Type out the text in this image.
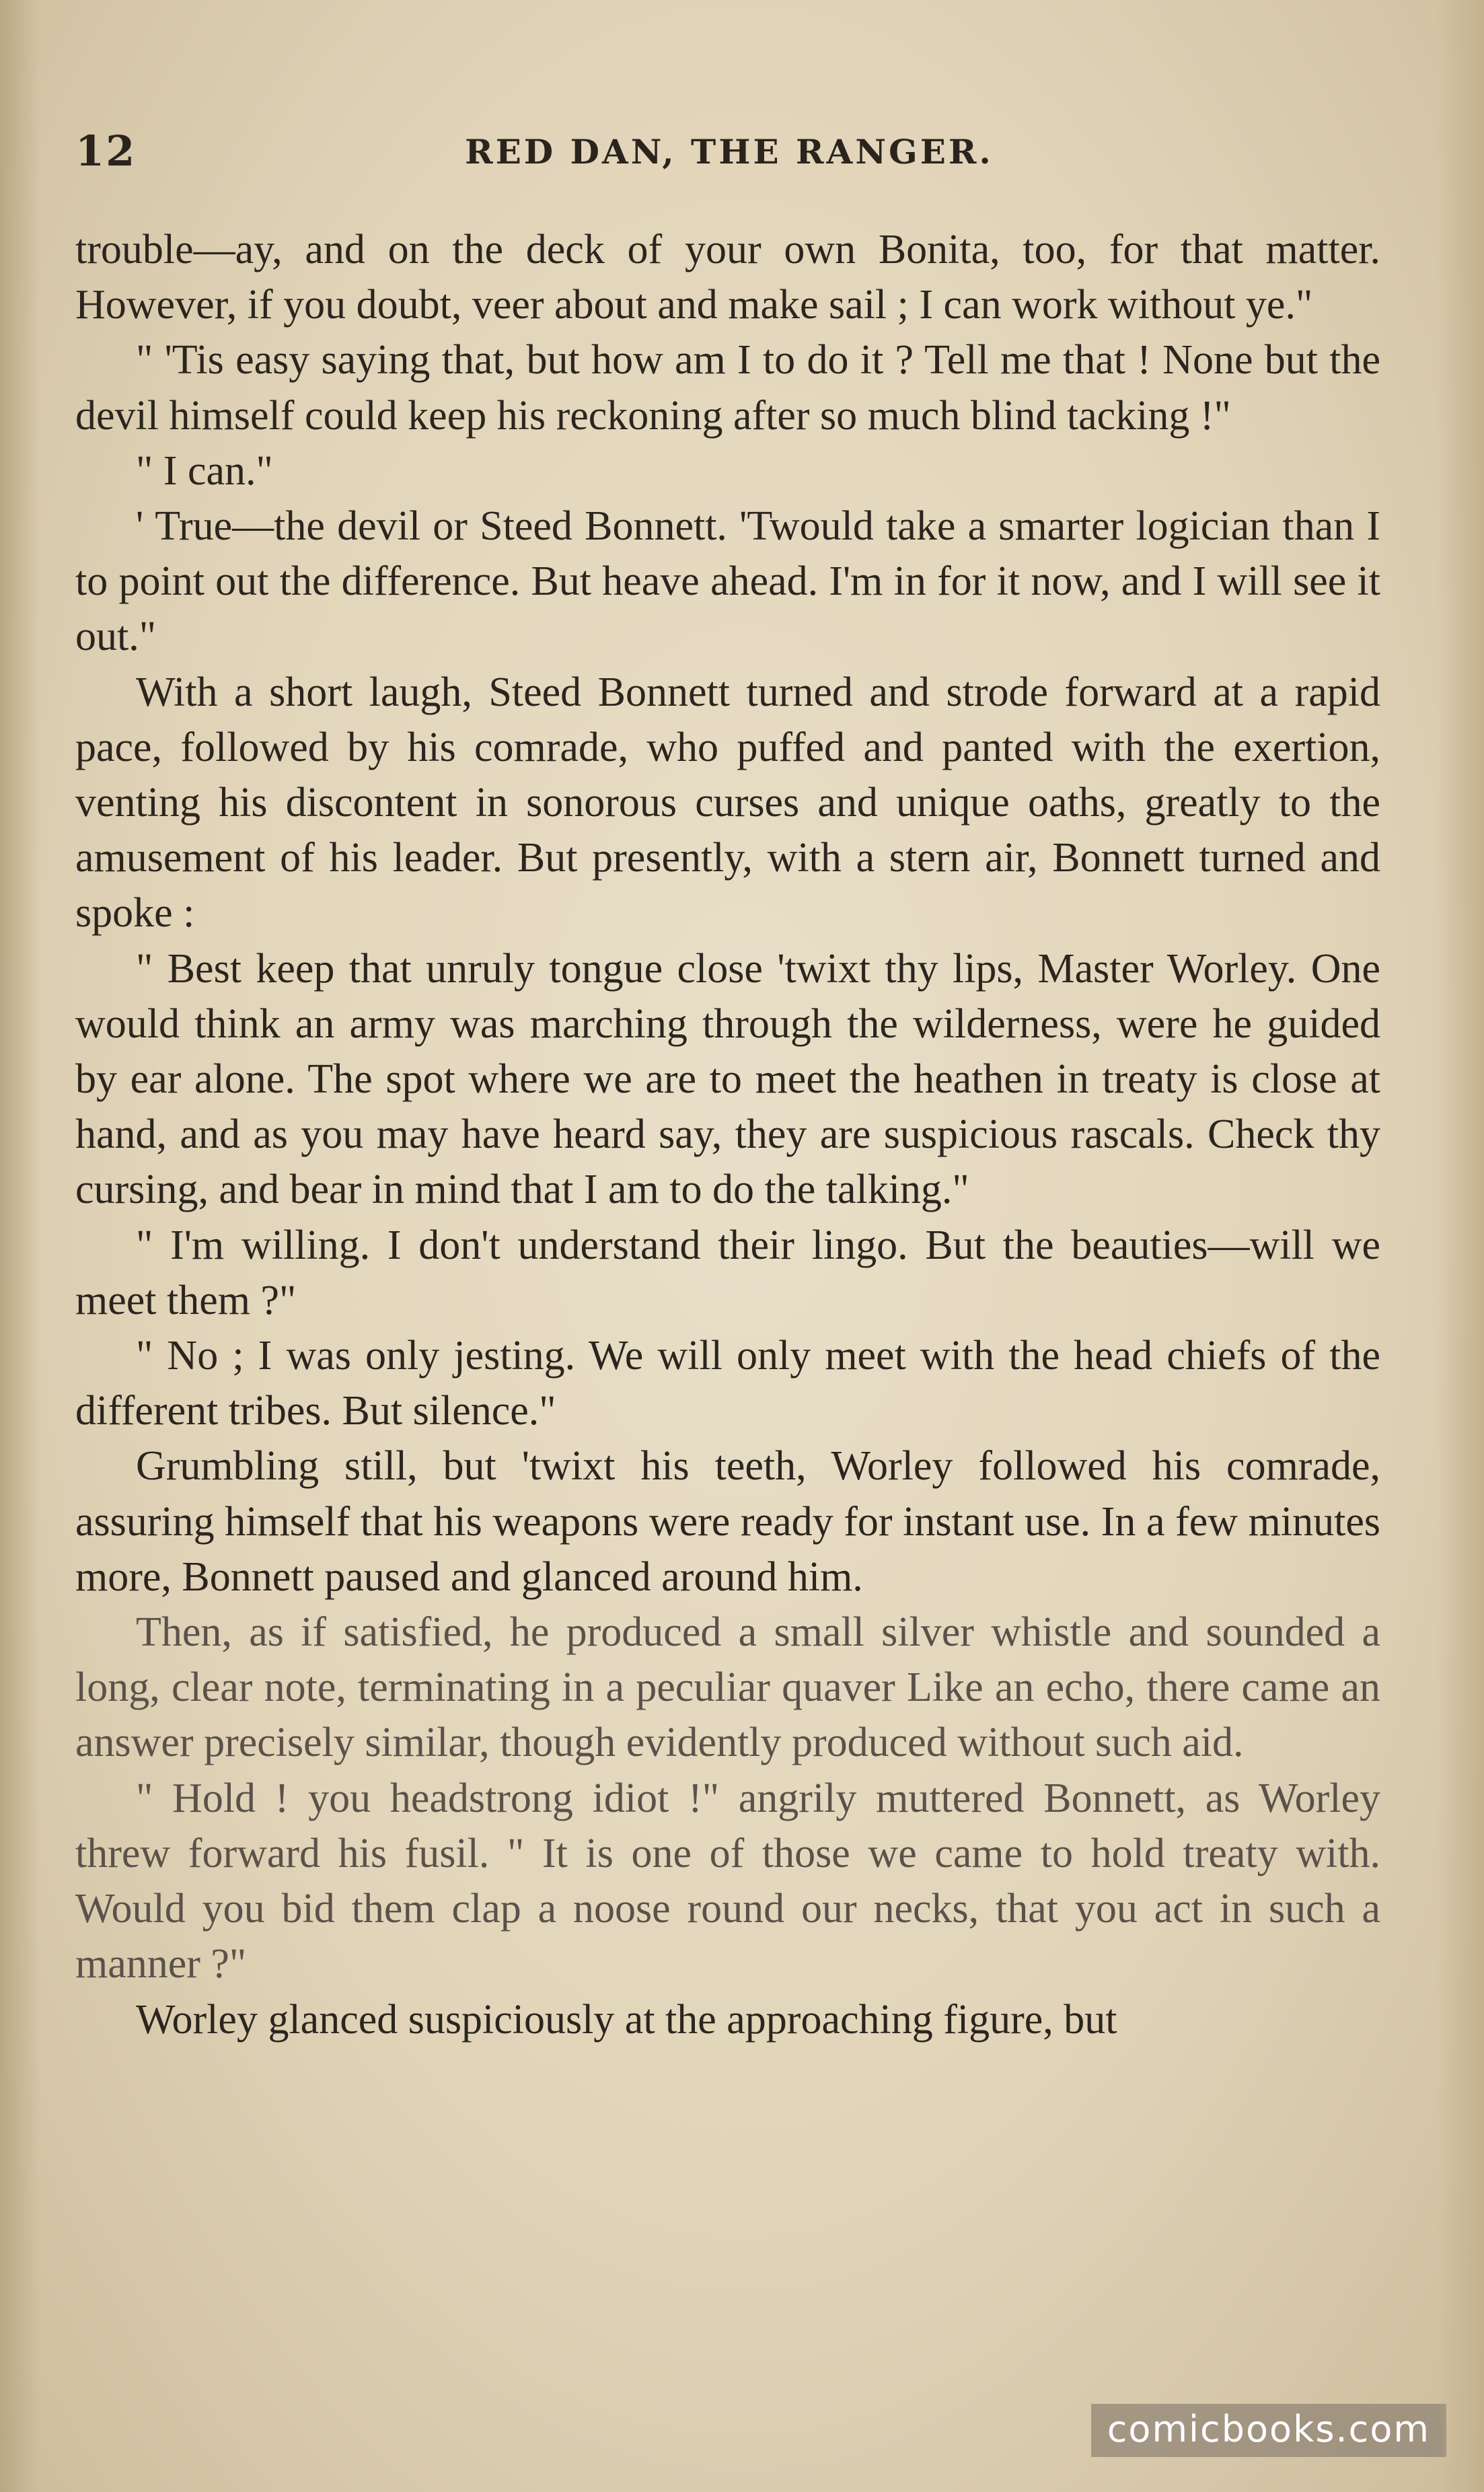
12	RED DAN, THE RANGER.

trouble—ay, and on the deck of your own Bonita, too, for that matter. However, if you doubt, veer about and make sail ; I can work without ye."

" 'Tis easy saying that, but how am I to do it ? Tell me that ! None but the devil himself could keep his reckoning after so much blind tacking !"

" I can."

' True—the devil or Steed Bonnett. 'Twould take a smarter logician than I to point out the difference. But heave ahead. I'm in for it now, and I will see it out."

With a short laugh, Steed Bonnett turned and strode forward at a rapid pace, followed by his comrade, who puffed and panted with the exertion, venting his discontent in sonorous curses and unique oaths, greatly to the amusement of his leader. But presently, with a stern air, Bonnett turned and spoke :

" Best keep that unruly tongue close 'twixt thy lips, Master Worley. One would think an army was marching through the wilderness, were he guided by ear alone. The spot where we are to meet the heathen in treaty is close at hand, and as you may have heard say, they are suspicious rascals. Check thy cursing, and bear in mind that I am to do the talking."

" I'm willing. I don't understand their lingo. But the beauties—will we meet them ?"

" No ; I was only jesting. We will only meet with the head chiefs of the different tribes. But silence."

Grumbling still, but 'twixt his teeth, Worley followed his comrade, assuring himself that his weapons were ready for instant use. In a few minutes more, Bonnett paused and glanced around him.

Then, as if satisfied, he produced a small silver whistle and sounded a long, clear note, terminating in a peculiar quaver Like an echo, there came an answer precisely similar, though evidently produced without such aid.

" Hold ! you headstrong idiot !" angrily muttered Bonnett, as Worley threw forward his fusil. " It is one of those we came to hold treaty with. Would you bid them clap a noose round our necks, that you act in such a manner ?"

Worley glanced suspiciously at the approaching figure, but

comicbooks.com
